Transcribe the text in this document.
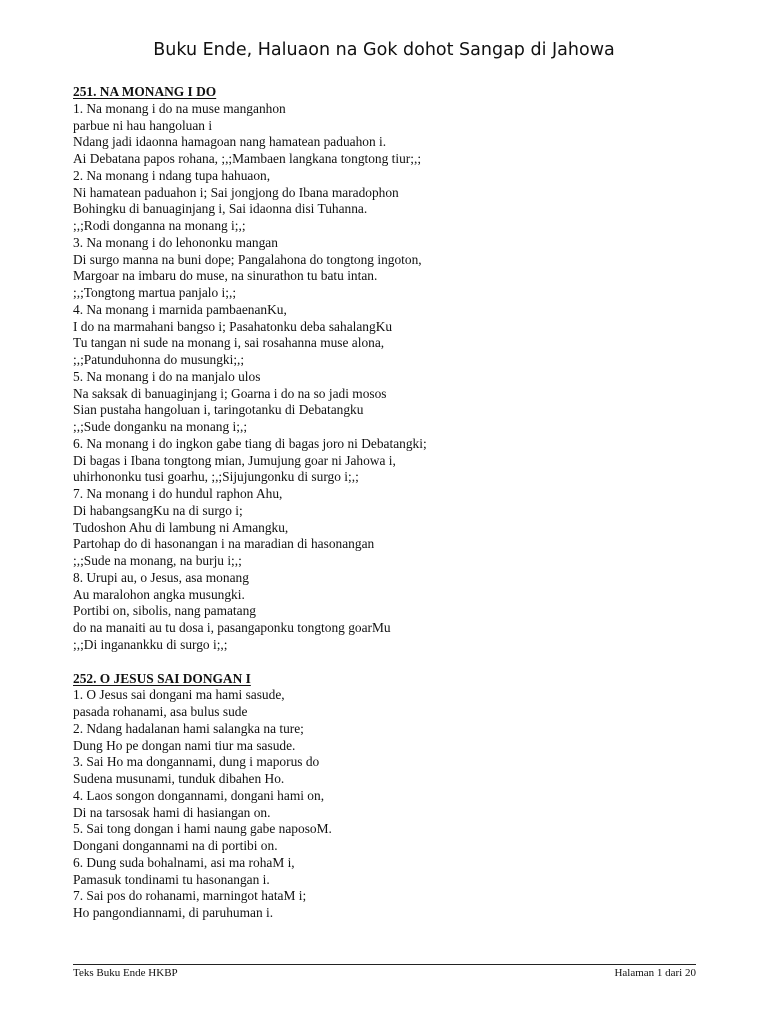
Buku Ende, Haluaon na Gok dohot Sangap di Jahowa
251. NA MONANG I DO
1. Na monang i do na muse manganhon
parbue ni hau hangoluan i
Ndang jadi idaonna hamagoan nang hamatean paduahon i.
Ai Debatana papos rohana, ;,;Mambaen langkana tongtong tiur;,;
2. Na monang i ndang tupa hahuaon,
Ni hamatean paduahon i; Sai jongjong do Ibana maradophon
Bohingku di banuaginjang i, Sai idaonna disi Tuhanna.
;,;Rodi donganna na monang i;,;
3. Na monang i do lehononku mangan
Di surgo manna na buni dope; Pangalahona do tongtong ingoton,
Margoar na imbaru do muse, na sinurathon tu batu intan.
;,;Tongtong martua panjalo i;,;
4. Na monang i marnida pambaenanKu,
I do na marmahani bangso i; Pasahatonku deba sahalangKu
Tu tangan ni sude na monang i, sai rosahanna muse alona,
;,;Patunduhonna do musungki;,;
5. Na monang i do na manjalo ulos
Na saksak di banuaginjang i; Goarna i do na so jadi mosos
Sian pustaha hangoluan i, taringotanku di Debatangku
;,;Sude donganku na monang i;,;
6. Na monang i do ingkon gabe tiang di bagas joro ni Debatangki;
Di bagas i Ibana tongtong mian, Jumujung goar ni Jahowa i,
uhirhononku tusi goarhu, ;,;Sijujungonku di surgo i;,;
7. Na monang i do hundul raphon Ahu,
Di habangsangKu na di surgo i;
Tudoshon Ahu di lambung ni Amangku,
Partohap do di hasonangan i na maradian di hasonangan
;,;Sude na monang, na burju i;,;
8. Urupi au, o Jesus, asa monang
Au maralohon angka musungki.
Portibi on, sibolis, nang pamatang
do na manaiti au tu dosa i, pasangaponku tongtong goarMu
;,;Di inganankku di surgo i;,;
252. O JESUS SAI DONGAN I
1. O Jesus sai dongani ma hami sasude,
pasada rohanami, asa bulus sude
2. Ndang hadalanan hami salangka na ture;
Dung Ho pe dongan nami tiur ma sasude.
3. Sai Ho ma dongannami, dung i maporus do
Sudena musunami, tunduk dibahen Ho.
4. Laos songon dongannami, dongani hami on,
Di na tarsosak hami di hasiangan on.
5. Sai tong dongan i hami naung gabe naposoM.
Dongani dongannami na di portibi on.
6. Dung suda bohalnami, asi ma rohaM i,
Pamasuk tondinami tu hasonangan i.
7. Sai pos do rohanami, marningot hataM i;
Ho pangondiannami, di paruhuman i.
Teks Buku Ende HKBP	Halaman 1 dari 20
